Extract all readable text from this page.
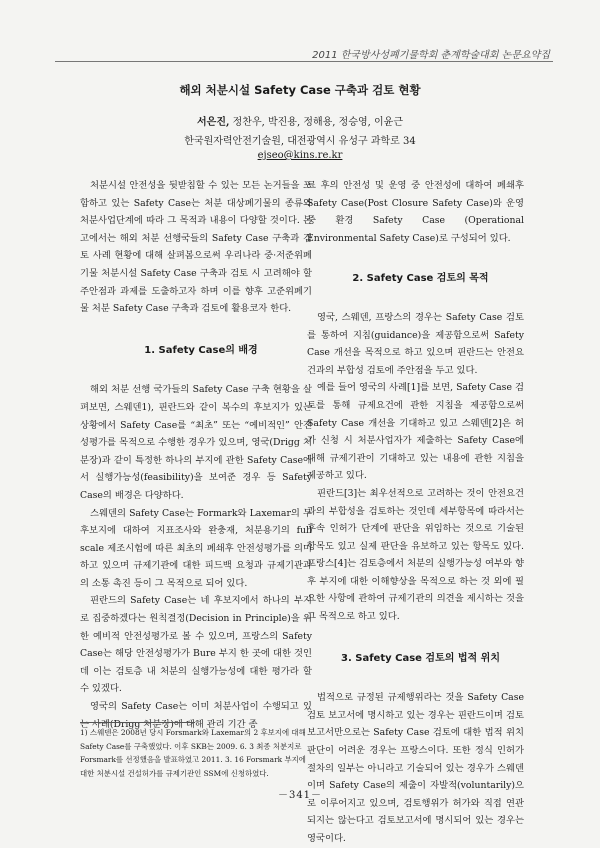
2011 한국방사성폐기물학회 춘계학술대회 논문요약집
해외 처분시설 Safety Case 구축과 검토 현황
서은진, 정찬우, 박진용, 정해용, 정승영, 이윤근
한국원자력안전기술원, 대전광역시 유성구 과학로 34
ejseo@kins.re.kr

처분시설 안전성을 뒷받침할 수 있는 모든 논거들을 포함하고 있는 Safety Case는 처분 대상폐기물의 종류와 처분사업단계에 따라 그 목적과 내용이 다양할 것이다. 본 고에서는 해외 처분 선행국들의 Safety Case 구축과 검토 사례 현황에 대해 살펴봄으로써 우리나라 중·저준위폐기물 처분시설 Safety Case 구축과 검토 시 고려해야 할 주안점과 과제를 도출하고자 하며 이를 향후 고준위폐기물 처분 Safety Case 구축과 검토에 활용코자 한다.

1. Safety Case의 배경

해외 처분 선행 국가들의 Safety Case 구축 현황을 살펴보면, 스웨덴1), 핀란드와 같이 복수의 후보지가 있는 상황에서 Safety Case를 “최초” 또는 “예비적인” 안전성평가를 목적으로 수행한 경우가 있으며, 영국(Drigg 처분장)과 같이 특정한 하나의 부지에 관한 Safety Case에서 실행가능성(feasibility)을 보여준 경우 등 Safety Case의 배경은 다양하다.

스웨덴의 Safety Case는 Formark와 Laxemar의 두 후보지에 대하여 지표조사와 완충재, 처분용기의 full scale 제조시험에 따른 최초의 폐쇄후 안전성평가를 의미하고 있으며 규제기관에 대한 피드백 요청과 규제기관과의 소통 촉진 등이 그 목적으로 되어 있다.

핀란드의 Safety Case는 네 후보지에서 하나의 부지로 집중하겠다는 원칙결정(Decision in Principle)을 위한 예비적 안전성평가로 볼 수 있으며, 프랑스의 Safety Case는 해당 안전성평가가 Bure 부지 한 곳에 대한 것인데 이는 검토층 내 처분의 실행가능성에 대한 평가라 할 수 있겠다.

영국의 Safety Case는 이미 처분사업이 수행되고 있는 사례(Drigg 처분장)에 대해 관리 기간 종

료 후의 안전성 및 운영 중 안전성에 대하여 폐쇄후 Safety Case(Post Closure Safety Case)와 운영 중 환경 Safety Case (Operational Environmental Safety Case)로 구성되어 있다.

2. Safety Case 검토의 목적

영국, 스웨덴, 프랑스의 경우는 Safety Case 검토를 통하여 지침(guidance)을 제공함으로써 Safety Case 개선을 목적으로 하고 있으며 핀란드는 안전요건과의 부합성 검토에 주안점을 두고 있다.

예를 들어 영국의 사례[1]를 보면, Safety Case 검토를 통해 규제요건에 관한 지침을 제공함으로써 Safety Case 개선을 기대하고 있고 스웨덴[2]은 허가 신청 시 처분사업자가 제출하는 Safety Case에 대해 규제기관이 기대하고 있는 내용에 관한 지침을 제공하고 있다.

핀란드[3]는 최우선적으로 고려하는 것이 안전요건과의 부합성을 검토하는 것인데 세부항목에 따라서는 후속 인허가 단계에 판단을 위임하는 것으로 기술된 항목도 있고 실제 판단을 유보하고 있는 항목도 있다. 프랑스[4]는 검토층에서 처분의 실행가능성 여부와 향후 부지에 대한 이해향상을 목적으로 하는 것 외에 필요한 사항에 관하여 규제기관의 의견을 제시하는 것을 그 목적으로 하고 있다.

3. Safety Case 검토의 법적 위치

법적으로 규정된 규제행위라는 것을 Safety Case 검토 보고서에 명시하고 있는 경우는 핀란드이며 검토보고서만으로는 Safety Case 검토에 대한 법적 위치 판단이 어려운 경우는 프랑스이다. 또한 정식 인허가 절차의 일부는 아니라고 기술되어 있는 경우가 스웨덴이며 Safety Case의 제출이 자발적(voluntarily)으로 이루어지고 있으며, 검토행위가 허가와 직접 연관되지는 않는다고 검토보고서에 명시되어 있는 경우는 영국이다.

1) 스웨덴은 2008년 당시 Forsmark와 Laxemar의 2 후보지에 대해 Safety Case를 구축했었다. 이후 SKB는 2009. 6. 3 최종 처분지로 Forsmark를 선정했음을 발표하였고 2011. 3. 16 Forsmark 부지에 대한 처분시설 건설허가를 규제기관인 SSM에 신청하였다.
－341－
